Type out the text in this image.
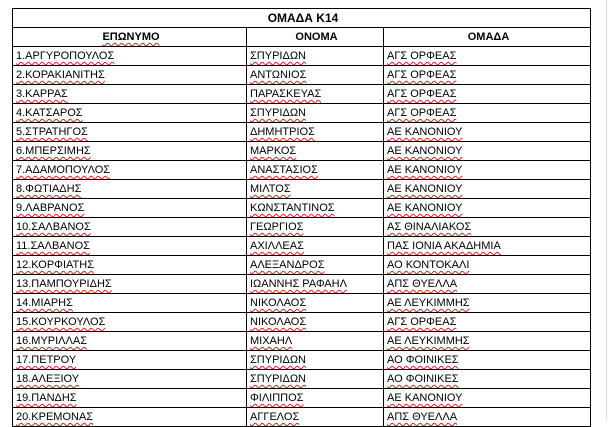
ΟΜΑΔΑ Κ14		
ΕΠΩΝΥΜΟ	ΟΝΟΜΑ	ΟΜΑΔΑ
1.ΑΡΓΥΡΟΠΟΥΛΟΣ	ΣΠΥΡΙΔΩΝ	ΑΓΣ ΟΡΦΕΑΣ
2.ΚΟΡΑΚΙΑΝΙΤΗΣ	ΑΝΤΩΝΙΟΣ	ΑΓΣ ΟΡΦΕΑΣ
3.ΚΑΡΡΑΣ	ΠΑΡΑΣΚΕΥΑΣ	ΑΓΣ ΟΡΦΕΑΣ
4.ΚΑΤΣΑΡΟΣ	ΣΠΥΡΙΔΩΝ	ΑΓΣ ΟΡΦΕΑΣ
5.ΣΤΡΑΤΗΓΟΣ	ΔΗΜΗΤΡΙΟΣ	ΑΕ ΚΑΝΟΝΙΟΥ
6.ΜΠΕΡΣΙΜΗΣ	ΜΑΡΚΟΣ	ΑΕ ΚΑΝΟΝΙΟΥ
7.ΑΔΑΜΟΠΟΥΛΟΣ	ΑΝΑΣΤΑΣΙΟΣ	ΑΕ ΚΑΝΟΝΙΟΥ
8.ΦΩΤΙΑΔΗΣ	ΜΙΛΤΟΣ	ΑΕ ΚΑΝΟΝΙΟΥ
9.ΛΑΒΡΑΝΟΣ	ΚΩΝΣΤΑΝΤΙΝΟΣ	ΑΕ ΚΑΝΟΝΙΟΥ
10.ΣΑΛΒΑΝΟΣ	ΓΕΩΡΓΙΟΣ	ΑΣ ΘΙΝΑΛΙΑΚΟΣ
11.ΣΑΛΒΑΝΟΣ	ΑΧΙΛΛΕΑΣ	ΠΑΣ ΙΟΝΙΑ ΑΚΑΔΗΜΙΑ
12.ΚΟΡΦΙΑΤΗΣ	ΑΛΕΞΑΝΔΡΟΣ	ΑΟ ΚΟΝΤΟΚΑΛΙ
13.ΠΑΜΠΟΥΡΙΔΗΣ	ΙΩΑΝΝΗΣ ΡΑΦΑΗΛ	ΑΠΣ ΘΥΕΛΛΑ
14.ΜΙΑΡΗΣ	ΝΙΚΟΛΑΟΣ	ΑΕ ΛΕΥΚΙΜΜΗΣ
15.ΚΟΥΡΚΟΥΛΟΣ	ΝΙΚΟΛΑΟΣ	ΑΓΣ ΟΡΦΕΑΣ
16.ΜΥΡΙΛΛΑΣ	ΜΙΧΑΗΛ	ΑΕ ΛΕΥΚΙΜΜΗΣ
17.ΠΕΤΡΟΥ	ΣΠΥΡΙΔΩΝ	ΑΟ ΦΟΙΝΙΚΕΣ
18.ΑΛΕΞΙΟΥ	ΣΠΥΡΙΔΩΝ	ΑΟ ΦΟΙΝΙΚΕΣ
19.ΠΑΝΔΗΣ	ΦΙΛΙΠΠΟΣ	ΑΕ ΚΑΝΟΝΙΟΥ
20.ΚΡΕΜΟΝΑΣ	ΑΓΓΕΛΟΣ	ΑΠΣ ΘΥΕΛΛΑ
